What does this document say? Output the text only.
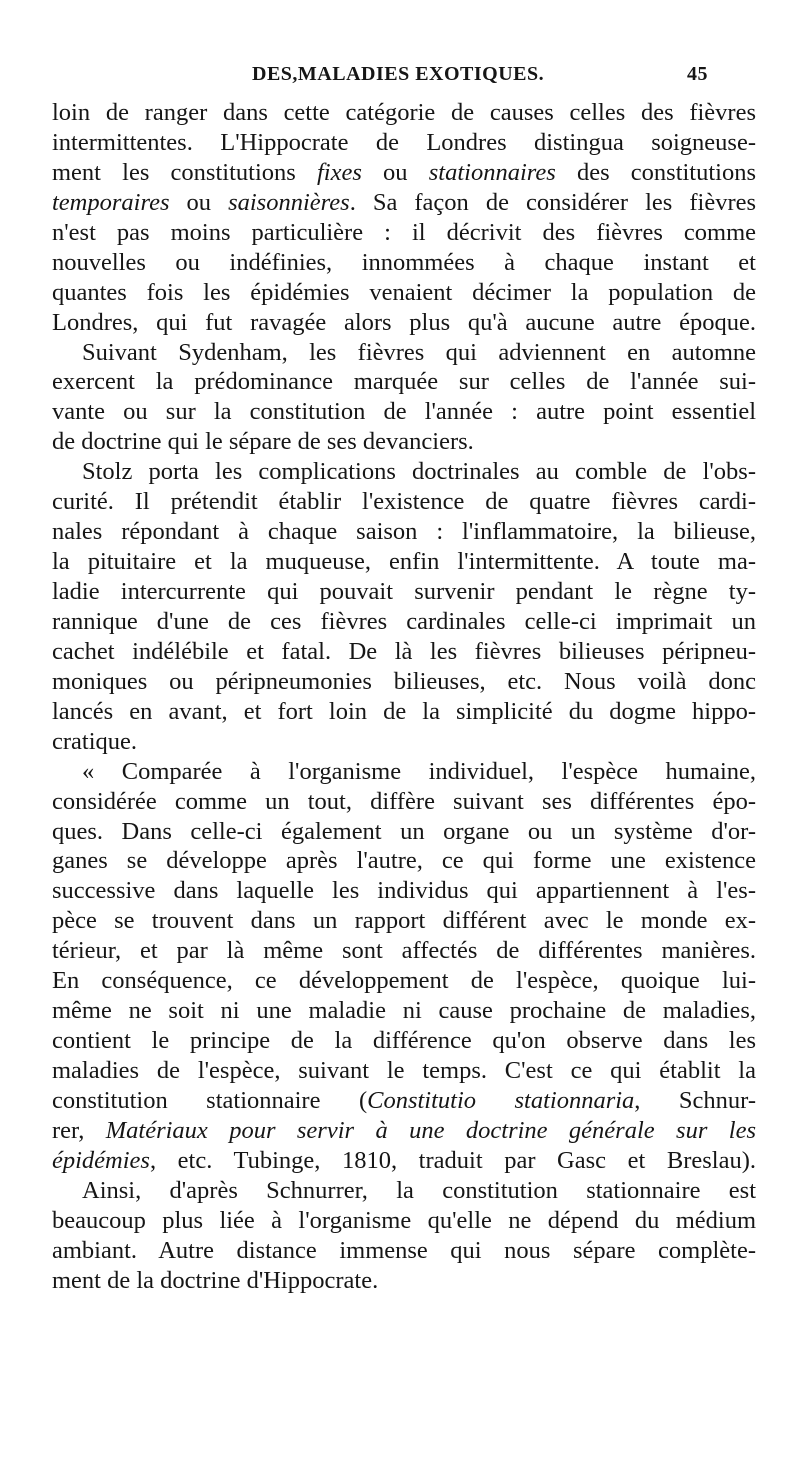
DES,MALADIES EXOTIQUES.	45
loin de ranger dans cette catégorie de causes celles des fièvres
intermittentes. L'Hippocrate de Londres distingua soigneuse-
ment les constitutions fixes ou stationnaires des constitutions
temporaires ou saisonnières. Sa façon de considérer les fièvres
n'est pas moins particulière : il décrivit des fièvres comme
nouvelles ou indéfinies, innommées à chaque instant et
quantes fois les épidémies venaient décimer la population de
Londres, qui fut ravagée alors plus qu'à aucune autre époque.
Suivant Sydenham, les fièvres qui adviennent en automne
exercent la prédominance marquée sur celles de l'année sui-
vante ou sur la constitution de l'année : autre point essentiel
de doctrine qui le sépare de ses devanciers.
Stolz porta les complications doctrinales au comble de l'obs-
curité. Il prétendit établir l'existence de quatre fièvres cardi-
nales répondant à chaque saison : l'inflammatoire, la bilieuse,
la pituitaire et la muqueuse, enfin l'intermittente. A toute ma-
ladie intercurrente qui pouvait survenir pendant le règne ty-
rannique d'une de ces fièvres cardinales celle-ci imprimait un
cachet indélébile et fatal. De là les fièvres bilieuses péripneu-
moniques ou péripneumonies bilieuses, etc. Nous voilà donc
lancés en avant, et fort loin de la simplicité du dogme hippo-
cratique.
« Comparée à l'organisme individuel, l'espèce humaine,
considérée comme un tout, diffère suivant ses différentes épo-
ques. Dans celle-ci également un organe ou un système d'or-
ganes se développe après l'autre, ce qui forme une existence
successive dans laquelle les individus qui appartiennent à l'es-
pèce se trouvent dans un rapport différent avec le monde ex-
térieur, et par là même sont affectés de différentes manières.
En conséquence, ce développement de l'espèce, quoique lui-
même ne soit ni une maladie ni cause prochaine de maladies,
contient le principe de la différence qu'on observe dans les
maladies de l'espèce, suivant le temps. C'est ce qui établit la
constitution stationnaire (Constitutio stationnaria, Schnur-
rer, Matériaux pour servir à une doctrine générale sur les
épidémies, etc. Tubinge, 1810, traduit par Gasc et Breslau).
Ainsi, d'après Schnurrer, la constitution stationnaire est
beaucoup plus liée à l'organisme qu'elle ne dépend du médium
ambiant. Autre distance immense qui nous sépare complète-
ment de la doctrine d'Hippocrate.
